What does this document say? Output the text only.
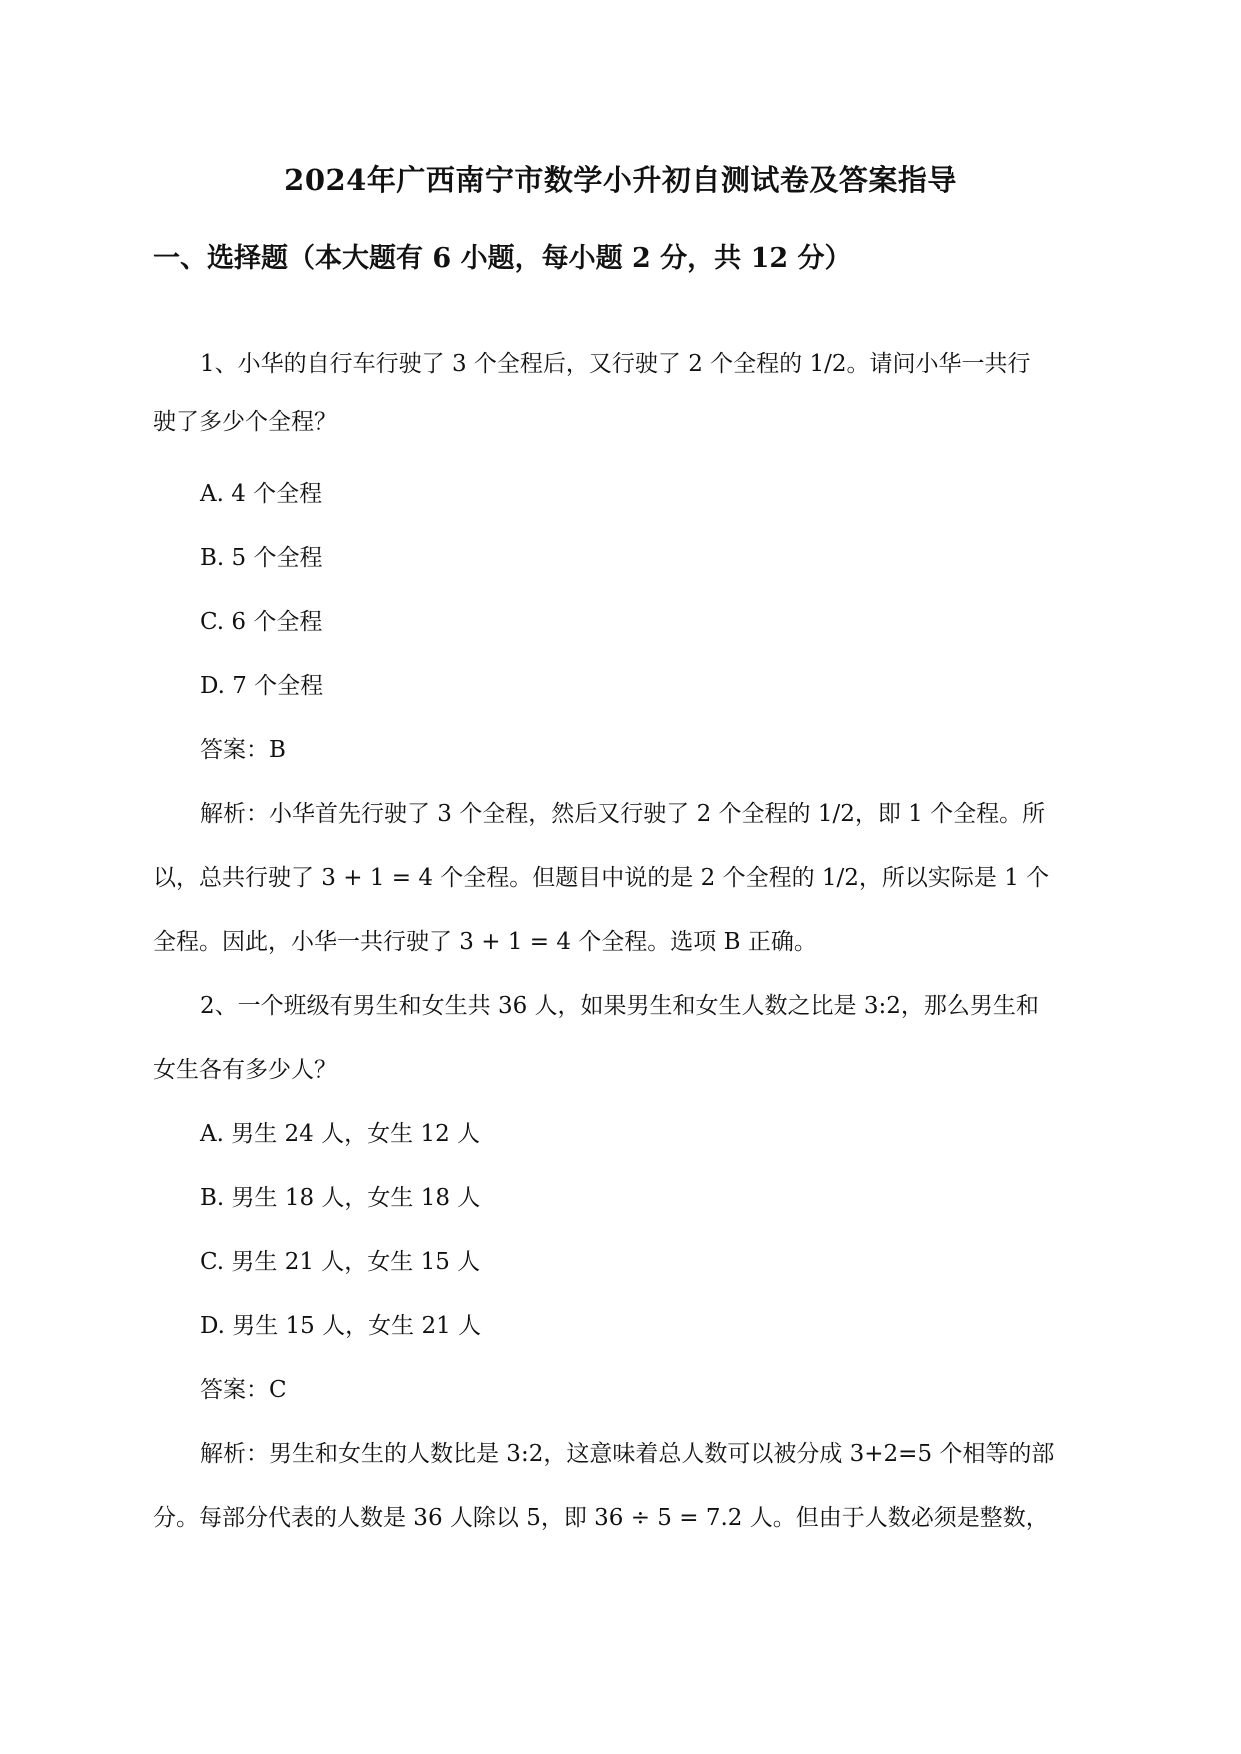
2024年广西南宁市数学小升初自测试卷及答案指导
一、选择题（本大题有 6 小题，每小题 2 分，共 12 分）
1、小华的自行车行驶了 3 个全程后，又行驶了 2 个全程的 1/2。请问小华一共行
驶了多少个全程？
A. 4 个全程
B. 5 个全程
C. 6 个全程
D. 7 个全程
答案：B
解析：小华首先行驶了 3 个全程，然后又行驶了 2 个全程的 1/2，即 1 个全程。所
以，总共行驶了 3 + 1 = 4 个全程。但题目中说的是 2 个全程的 1/2，所以实际是 1 个
全程。因此，小华一共行驶了 3 + 1 = 4 个全程。选项 B 正确。
2、一个班级有男生和女生共 36 人，如果男生和女生人数之比是 3:2，那么男生和
女生各有多少人？
A. 男生 24 人，女生 12 人
B. 男生 18 人，女生 18 人
C. 男生 21 人，女生 15 人
D. 男生 15 人，女生 21 人
答案：C
解析：男生和女生的人数比是 3:2，这意味着总人数可以被分成 3+2=5 个相等的部
分。每部分代表的人数是 36 人除以 5，即 36 ÷ 5 = 7.2 人。但由于人数必须是整数，
